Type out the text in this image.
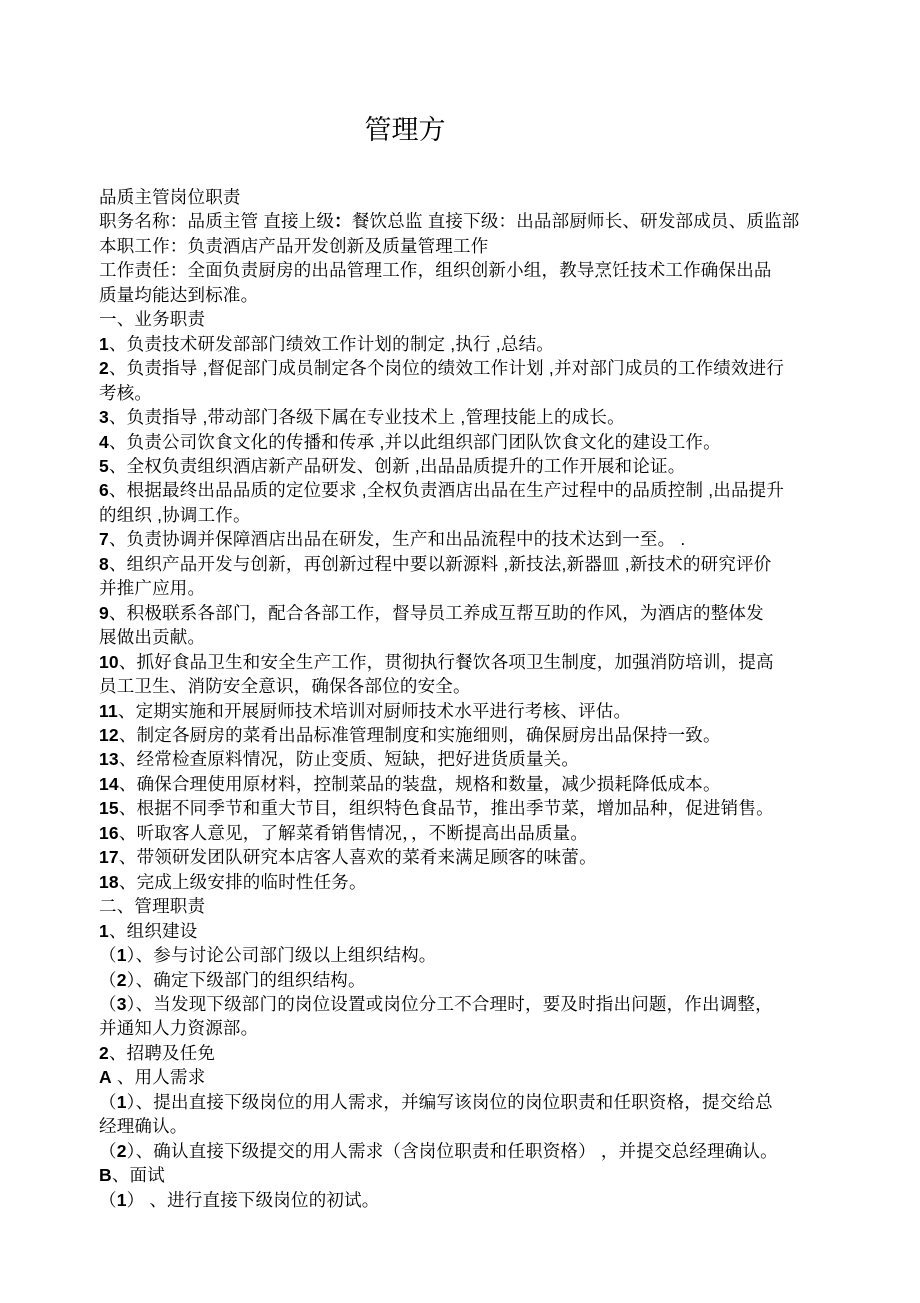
管理方
品质主管岗位职责
职务名称：品质主管 直接上级：餐饮总监 直接下级：出品部厨师长、研发部成员、质监部
本职工作：负责酒店产品开发创新及质量管理工作
工作责任：全面负责厨房的出品管理工作，组织创新小组，教导烹饪技术工作确保出品
质量均能达到标准。
一、业务职责
1、负责技术研发部部门绩效工作计划的制定 ,执行 ,总结。
2、负责指导 ,督促部门成员制定各个岗位的绩效工作计划 ,并对部门成员的工作绩效进行
考核。
3、负责指导 ,带动部门各级下属在专业技术上 ,管理技能上的成长。
4、负责公司饮食文化的传播和传承 ,并以此组织部门团队饮食文化的建设工作。
5、全权负责组织酒店新产品研发、创新 ,出品品质提升的工作开展和论证。
6、根据最终出品品质的定位要求 ,全权负责酒店出品在生产过程中的品质控制 ,出品提升
的组织 ,协调工作。
7、负责协调并保障酒店出品在研发，生产和出品流程中的技术达到一至。 .
8、组织产品开发与创新，再创新过程中要以新源料 ,新技法,新器皿 ,新技术的研究评价
并推广应用。
9、积极联系各部门，配合各部工作，督导员工养成互帮互助的作风，为酒店的整体发
展做出贡献。
10、抓好食品卫生和安全生产工作，贯彻执行餐饮各项卫生制度，加强消防培训，提高
员工卫生、消防安全意识，确保各部位的安全。
11、定期实施和开展厨师技术培训对厨师技术水平进行考核、评估。
12、制定各厨房的菜肴出品标准管理制度和实施细则，确保厨房出品保持一致。
13、经常检查原料情况，防止变质、短缺，把好进货质量关。
14、确保合理使用原材料，控制菜品的装盘，规格和数量，减少损耗降低成本。
15、根据不同季节和重大节目，组织特色食品节，推出季节菜，增加品种，促进销售。
16、听取客人意见，了解菜肴销售情况，，不断提高出品质量。
17、带领研发团队研究本店客人喜欢的菜肴来满足顾客的味蕾。
18、完成上级安排的临时性任务。
二、管理职责
1、组织建设
（1）、参与讨论公司部门级以上组织结构。
（2）、确定下级部门的组织结构。
（3）、当发现下级部门的岗位设置或岗位分工不合理时，要及时指出问题，作出调整，
并通知人力资源部。
2、招聘及任免
A 、用人需求
（1）、提出直接下级岗位的用人需求，并编写该岗位的岗位职责和任职资格，提交给总
经理确认。
（2）、确认直接下级提交的用人需求（含岗位职责和任职资格） ，并提交总经理确认。
B、面试
（1） 、进行直接下级岗位的初试。
